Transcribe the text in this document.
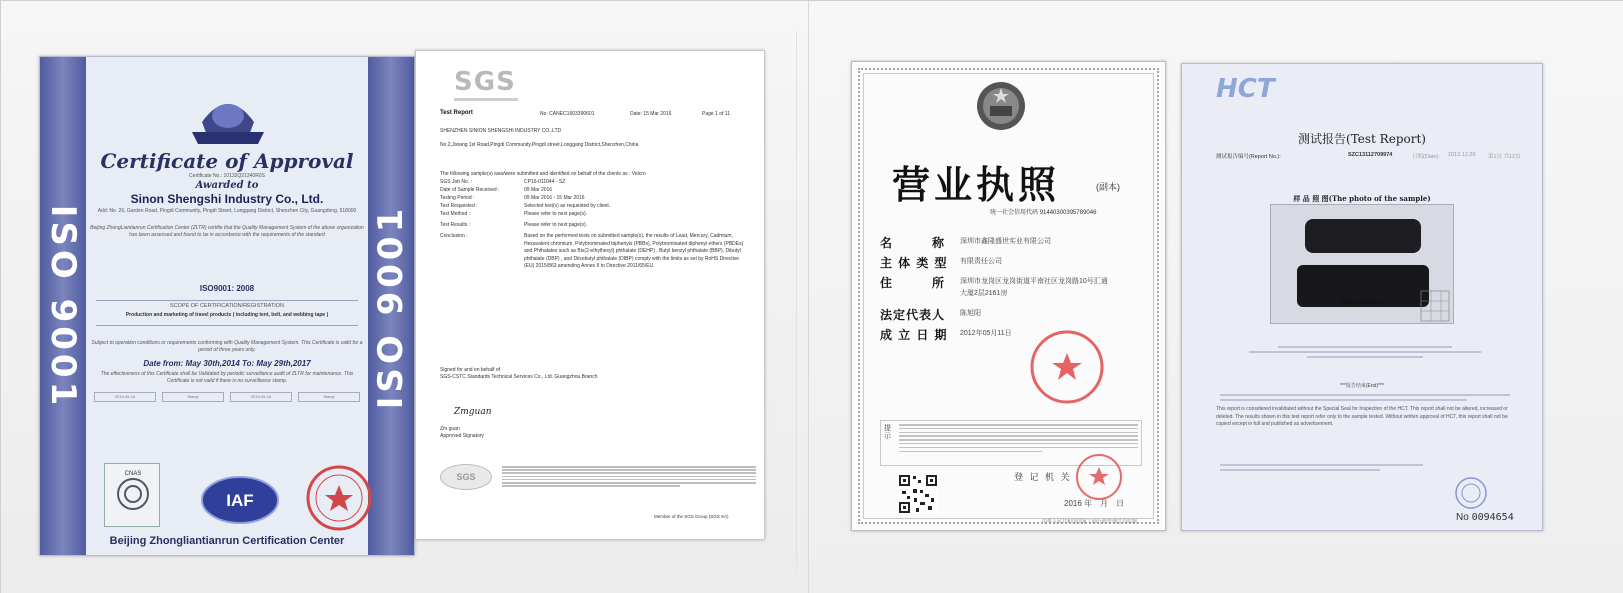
ISO 9001	ISO 9001
Certificate of Approval
Certificate No.: 10132Q21340R0S
Awarded to
Sinon Shengshi Industry Co., Ltd.
Add: No. 26, Garden Road, Pingdi Community, Pingdi Street, Longgang District, Shenzhen City, Guangdong, 518000
Beijing ZhongLiantianrun Certification Center (ZLTR) certifie that the Quality Management System of the above organization has been assessed and found to be in accordance with the requirements of the standard
ISO9001: 2008
SCOPE OF CERTIFICATION/REGISTRATION
Production and marketing of travel products ( including tent, belt, and webbing tape )
Subject to operation conditions or requirements conforming with Quality Management System. This Certificate is valid for a period of three years only.
Date from: May 30th,2014 To: May 29th,2017
The effectiveness of this Certificate shall be Validated by periodic surveillance audit of ZLTR for maintenance. This Certificate is not valid if there is no surveillance stamp.
2015-05-18	Stamp	2016-05-18	Stamp
CNAS
IAF
Beijing Zhongliantianrun Certification Center
SGS
Test Report	No. CANEC1603390601	Date: 15 Mar 2016	Page 1 of 11
SHENZHEN SINION SHENGSHI INDUSTRY CO.,LTD
No.2,Jixiang 1st Road,Pingdi Community,Pingdi street,Longgang District,Shenzhen,China
The following sample(s) was/were submitted and identified on behalf of the clients as : Velcro
SGS Job No. :	CP16-011044 - SZ
Date of Sample Received :	09 Mar 2016
Testing Period :	09 Mar 2016 - 15 Mar 2016
Test Requested :	Selected test(s) as requested by client.
Test Method :	Please refer to next page(s).
Test Results :	Please refer to next page(s).
Conclusion :	Based on the performed tests on submitted sample(s), the results of Lead, Mercury, Cadmium, Hexavalent chromium, Polybrominated biphenyls (PBBs), Polybrominated diphenyl ethers (PBDEs) and Phthalates such as Bis(2-ethylhexyl) phthalate (DEHP) , Butyl benzyl phthalate (BBP), Dibutyl phthalate (DBP) , and Diisobutyl phthalate (DIBP) comply with the limits as set by RoHS Directive (EU) 2015/863 amending Annex II to Directive 2011/65/EU.
Signed for and on behalf of
SGS-CSTC Standards Technical Services Co., Ltd. Guangzhou Branch
Zmguan
Zm guan
Approved Signatory
SGS
Member of the SGS Group (SGS SA)
营业执照	(副本)
统一社会信用代码 91440300395789046
名　　　称 深圳市鑫隆盛世实业有限公司
主 体 类 型 有限责任公司
住　　　所 深圳市龙岗区龙岗街道平南社区龙岗路10号汇通大厦2层2161房
法定代表人 陈旭阳
成 立 日 期 2012年05月11日
提示
登 记 机 关
2016 年　月　日
中华人民共和国国家工商行政管理总局监制
HCT
测试报告(Test Report)
测试报告编号(Report No.):	SZC13112709974	日期(Date): 2013.12.25 第1页 共12页
样 品 照 图(The photo of the sample)
QT1311270974
***报告结束(End)***
This report is considered invalidated without the Special Seal for Inspection of the HCT. This report shall not be altered, increased or deleted. The results shown in this test report refer only to the sample tested. Without written approval of HCT, this report shall not be copied except in full and published as advertisement.
No 0094654
